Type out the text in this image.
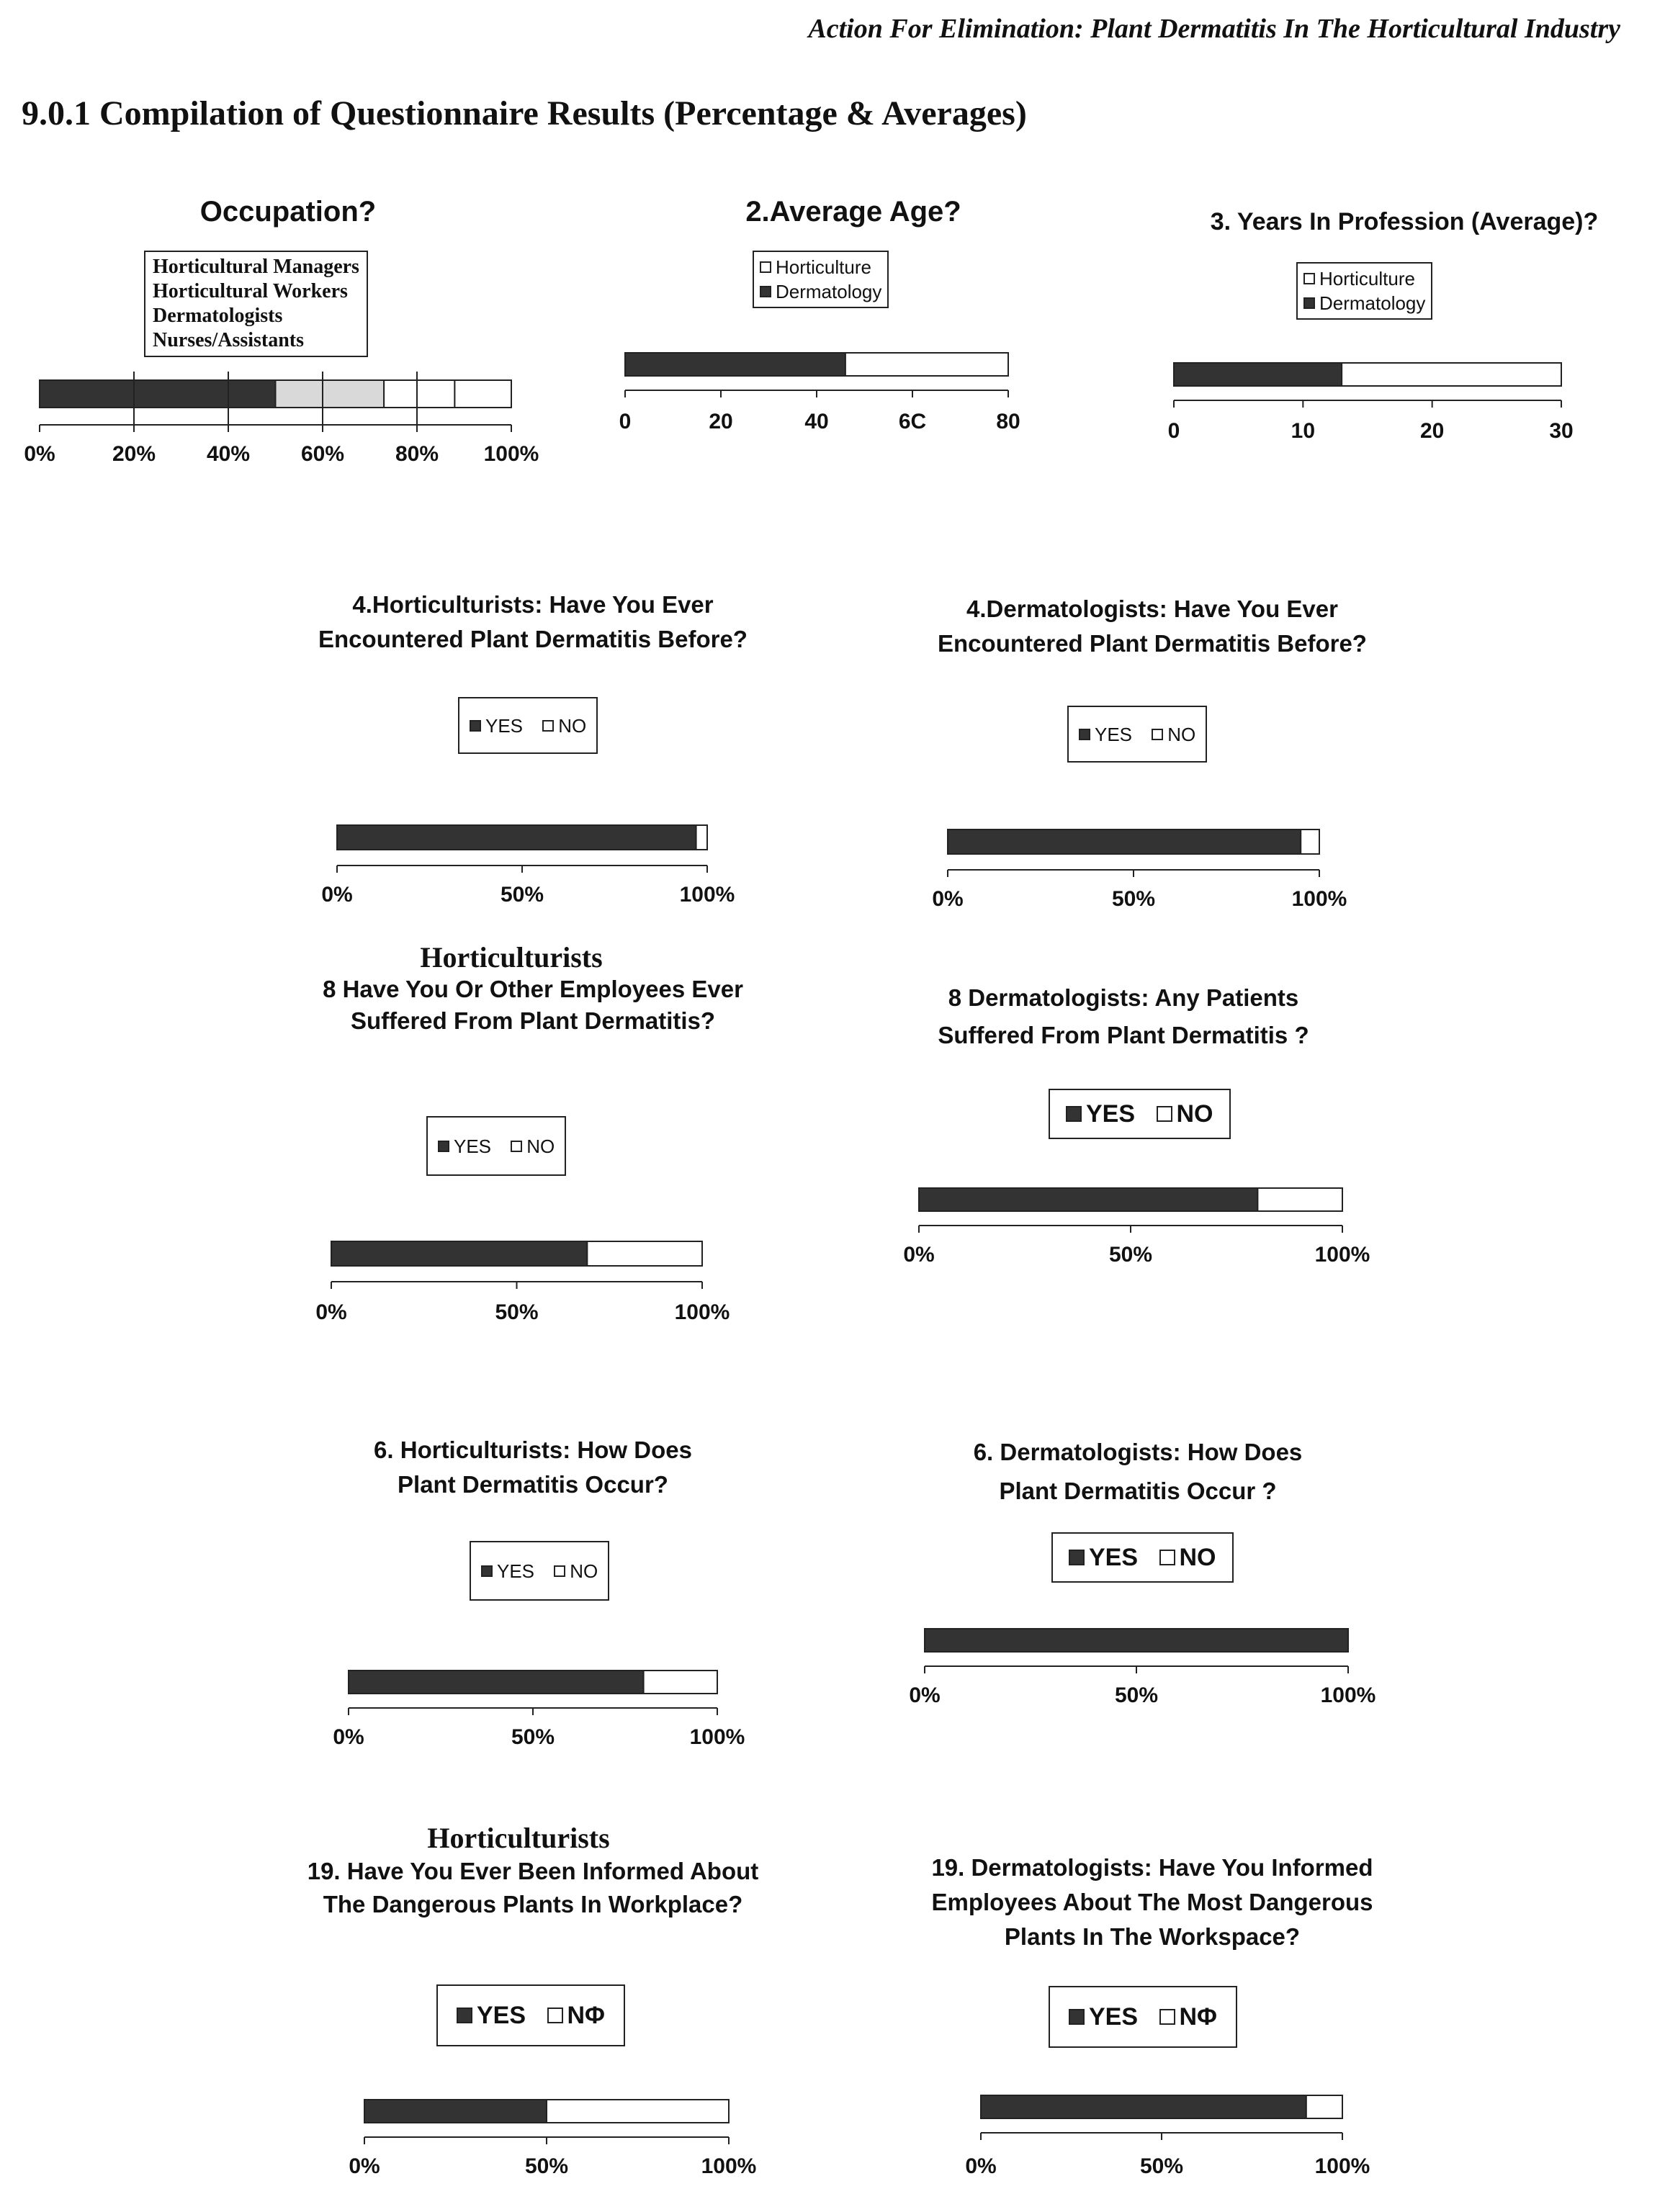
Action For Elimination: Plant Dermatitis In The Horticultural Industry
9.0.1 Compilation of Questionnaire Results (Percentage & Averages)
Occupation?
Horticultural Managers
Horticultural Workers
Dermatologists
Nurses/Assistants
0%	20% 40% 60% 80% 100%
2.Average Age?
Horticulture
Dermatology
0	20	40	6C	80
3. Years In Profession (Average)?
Horticulture
Dermatology
0	10	20	30
4.Horticulturists: Have You Ever Encountered Plant Dermatitis Before?
YES
NO
0%	50%	100%
4.Dermatologists: Have You Ever Encountered Plant Dermatitis Before?
YES
NO
0%	50%	100%
Horticulturists
8 Have You Or Other Employees Ever Suffered From Plant Dermatitis?
YES
NO
0%	50%	100%
8 Dermatologists: Any Patients Suffered From Plant Dermatitis ?
YES
NO
0%	50%	100%
6. Horticulturists: How Does Plant Dermatitis Occur?
YES
NO
0%	50%	100%
6. Dermatologists: How Does Plant Dermatitis Occur ?
YES
NO
0%	50%	100%
Horticulturists
19. Have You Ever Been Informed About The Dangerous Plants In Workplace?
YES
NΦ
0%	50%	100%
19. Dermatologists: Have You Informed Employees About The Most Dangerous Plants In The Workspace?
YES
NΦ
0%	50%	100%
